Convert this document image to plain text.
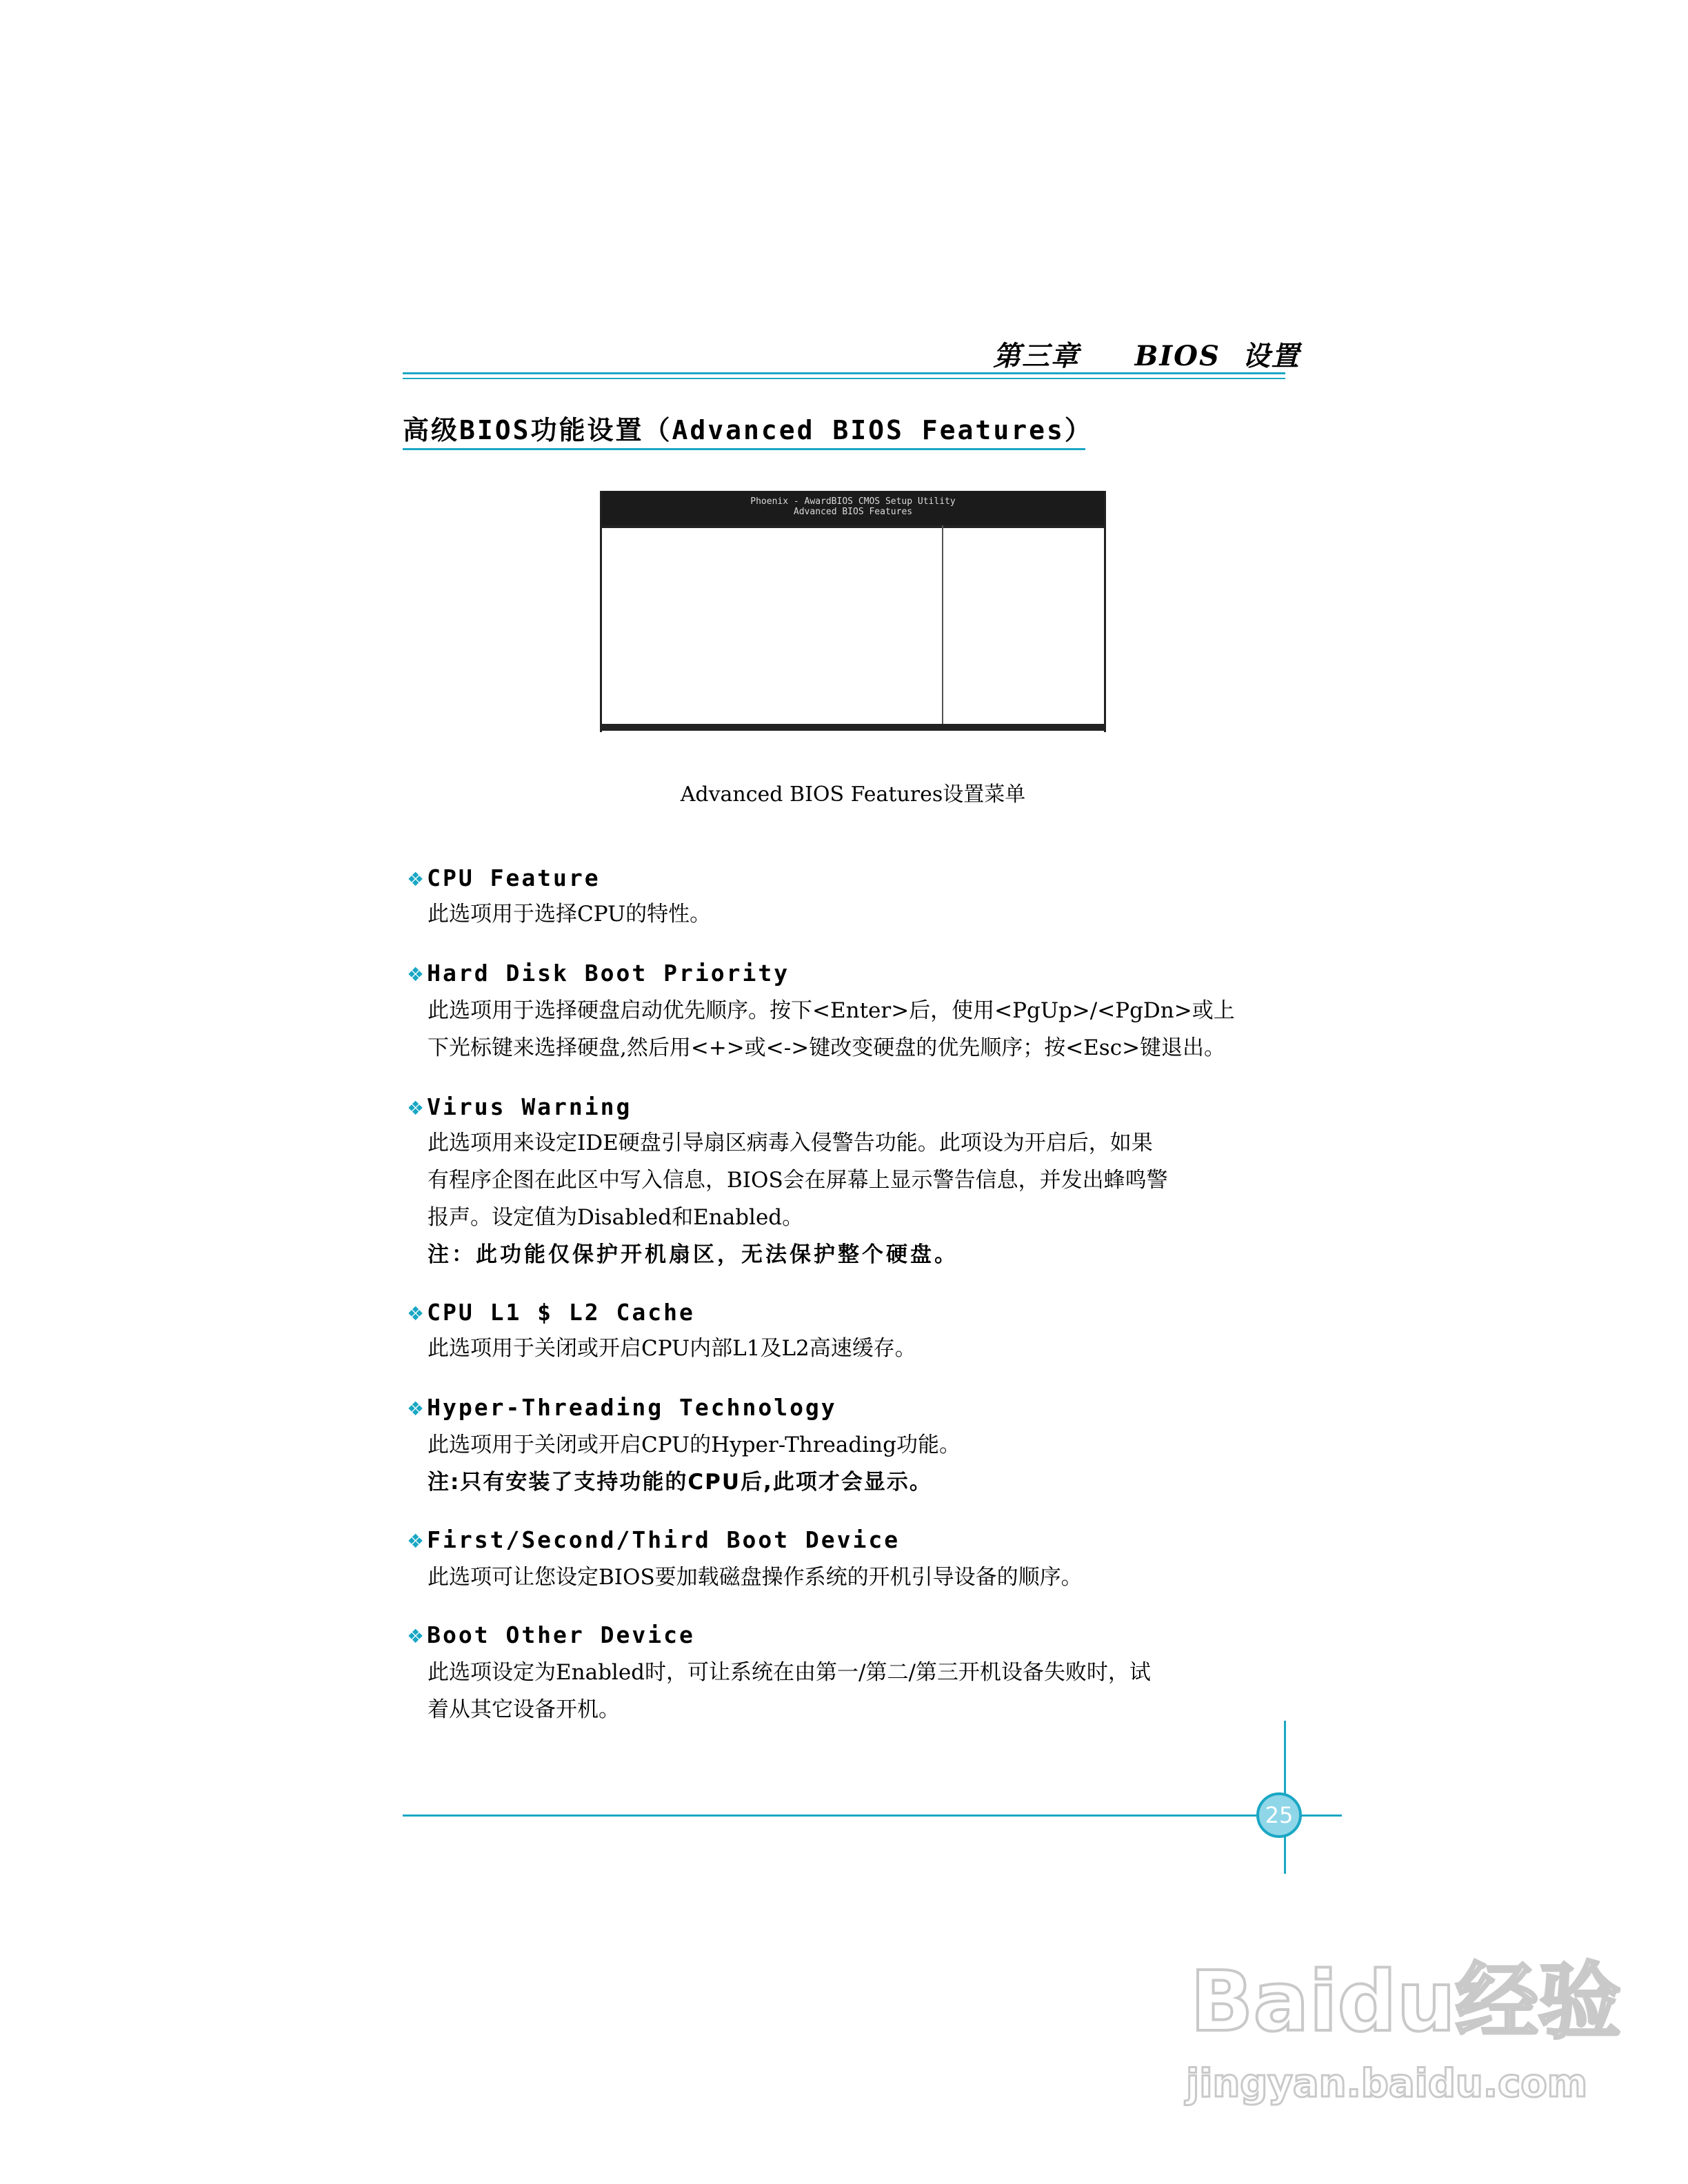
第三章     BIOS  设置
高级BIOS功能设置（Advanced BIOS Features）
Phoenix - AwardBIOS CMOS Setup Utility
Advanced BIOS Features
Advanced BIOS Features设置菜单
❖ CPU Feature
此选项用于选择CPU的特性。
❖ Hard Disk Boot Priority
此选项用于选择硬盘启动优先顺序。按下<Enter>后，使用<PgUp>/<PgDn>或上
下光标键来选择硬盘,然后用<+>或<->键改变硬盘的优先顺序；按<Esc>键退出。
❖ Virus Warning
此选项用来设定IDE硬盘引导扇区病毒入侵警告功能。此项设为开启后，如果
有程序企图在此区中写入信息，BIOS会在屏幕上显示警告信息，并发出蜂鸣警
报声。设定值为Disabled和Enabled。
注：此功能仅保护开机扇区，无法保护整个硬盘。
❖ CPU L1 $ L2 Cache
此选项用于关闭或开启CPU内部L1及L2高速缓存。
❖ Hyper-Threading Technology
此选项用于关闭或开启CPU的Hyper-Threading功能。
注:只有安装了支持功能的CPU后,此项才会显示。
❖ First/Second/Third Boot Device
此选项可让您设定BIOS要加载磁盘操作系统的开机引导设备的顺序。
❖ Boot Other Device
此选项设定为Enabled时，可让系统在由第一/第二/第三开机设备失败时，试
着从其它设备开机。
25
Baidu经验
jingyan.baidu.com
